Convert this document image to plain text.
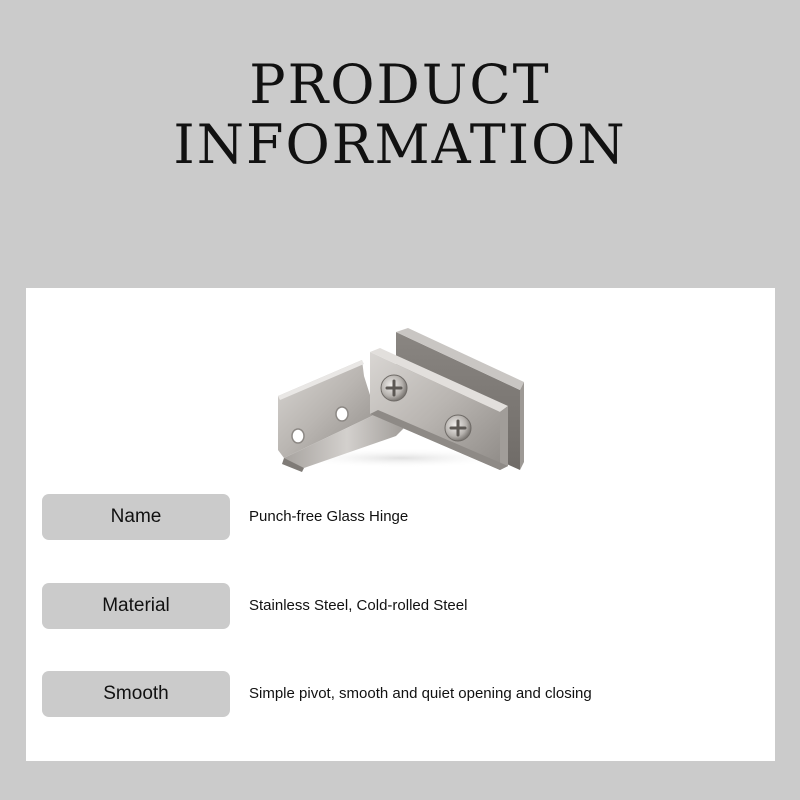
PRODUCT
INFORMATION
Name	Punch-free Glass Hinge
Material	Stainless Steel, Cold-rolled Steel
Smooth	Simple pivot, smooth and quiet opening and closing
